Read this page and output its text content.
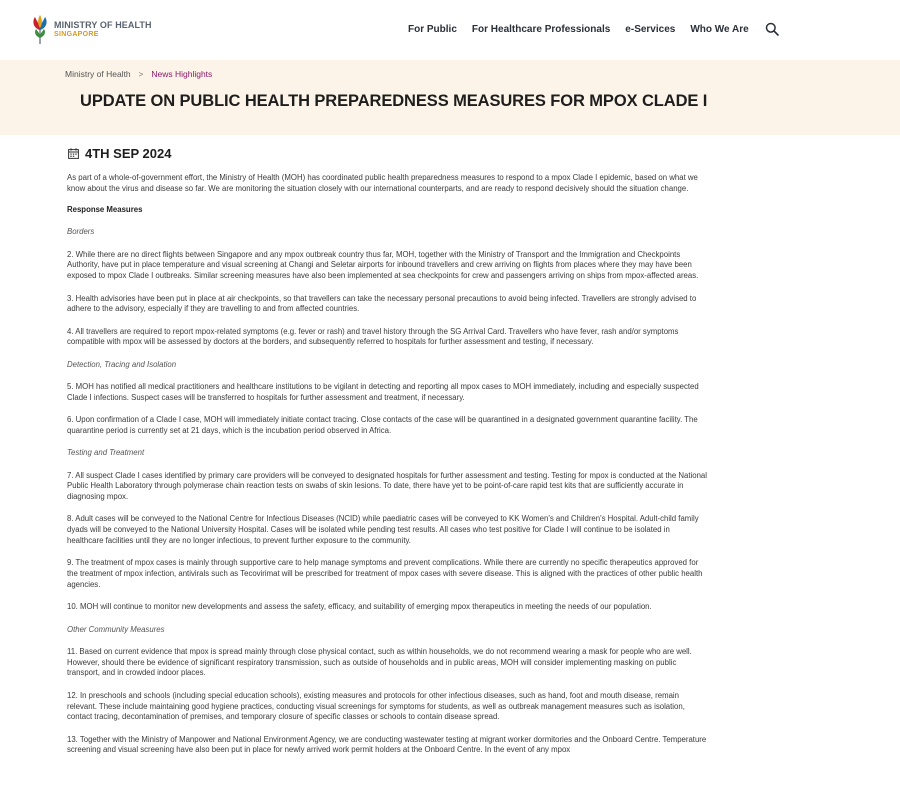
MINISTRY OF HEALTH
SINGAPORE	For Public For Healthcare Professionals e-Services Who We Are
Ministry of Health > News Highlights
UPDATE ON PUBLIC HEALTH PREPAREDNESS MEASURES FOR MPOX CLADE I
4TH SEP 2024

As part of a whole-of-government effort, the Ministry of Health (MOH) has coordinated public health preparedness measures to respond to a mpox Clade I epidemic, based on what we know about the virus and disease so far. We are monitoring the situation closely with our international counterparts, and are ready to respond decisively should the situation change.

Response Measures

Borders

2. While there are no direct flights between Singapore and any mpox outbreak country thus far, MOH, together with the Ministry of Transport and the Immigration and Checkpoints Authority, have put in place temperature and visual screening at Changi and Seletar airports for inbound travellers and crew arriving on flights from places where they may have been exposed to mpox Clade I outbreaks. Similar screening measures have also been implemented at sea checkpoints for crew and passengers arriving on ships from mpox-affected areas.

3. Health advisories have been put in place at air checkpoints, so that travellers can take the necessary personal precautions to avoid being infected. Travellers are strongly advised to adhere to the advisory, especially if they are travelling to and from affected countries.

4. All travellers are required to report mpox-related symptoms (e.g. fever or rash) and travel history through the SG Arrival Card. Travellers who have fever, rash and/or symptoms compatible with mpox will be assessed by doctors at the borders, and subsequently referred to hospitals for further assessment and testing, if necessary.

Detection, Tracing and Isolation

5. MOH has notified all medical practitioners and healthcare institutions to be vigilant in detecting and reporting all mpox cases to MOH immediately, including and especially suspected Clade I infections. Suspect cases will be transferred to hospitals for further assessment and treatment, if necessary.

6. Upon confirmation of a Clade I case, MOH will immediately initiate contact tracing. Close contacts of the case will be quarantined in a designated government quarantine facility. The quarantine period is currently set at 21 days, which is the incubation period observed in Africa.

Testing and Treatment

7. All suspect Clade I cases identified by primary care providers will be conveyed to designated hospitals for further assessment and testing. Testing for mpox is conducted at the National Public Health Laboratory through polymerase chain reaction tests on swabs of skin lesions. To date, there have yet to be point-of-care rapid test kits that are sufficiently accurate in diagnosing mpox.

8. Adult cases will be conveyed to the National Centre for Infectious Diseases (NCID) while paediatric cases will be conveyed to KK Women's and Children's Hospital. Adult-child family dyads will be conveyed to the National University Hospital. Cases will be isolated while pending test results. All cases who test positive for Clade I will continue to be isolated in healthcare facilities until they are no longer infectious, to prevent further exposure to the community.

9. The treatment of mpox cases is mainly through supportive care to help manage symptoms and prevent complications. While there are currently no specific therapeutics approved for the treatment of mpox infection, antivirals such as Tecovirimat will be prescribed for treatment of mpox cases with severe disease. This is aligned with the practices of other public health agencies.

10. MOH will continue to monitor new developments and assess the safety, efficacy, and suitability of emerging mpox therapeutics in meeting the needs of our population.

Other Community Measures

11. Based on current evidence that mpox is spread mainly through close physical contact, such as within households, we do not recommend wearing a mask for people who are well. However, should there be evidence of significant respiratory transmission, such as outside of households and in public areas, MOH will consider implementing masking on public transport, and in crowded indoor places.

12. In preschools and schools (including special education schools), existing measures and protocols for other infectious diseases, such as hand, foot and mouth disease, remain relevant. These include maintaining good hygiene practices, conducting visual screenings for symptoms for students, as well as outbreak management measures such as isolation, contact tracing, decontamination of premises, and temporary closure of specific classes or schools to contain disease spread.

13. Together with the Ministry of Manpower and National Environment Agency, we are conducting wastewater testing at migrant worker dormitories and the Onboard Centre. Temperature screening and visual screening have also been put in place for newly arrived work permit holders at the Onboard Centre. In the event of any mpox
